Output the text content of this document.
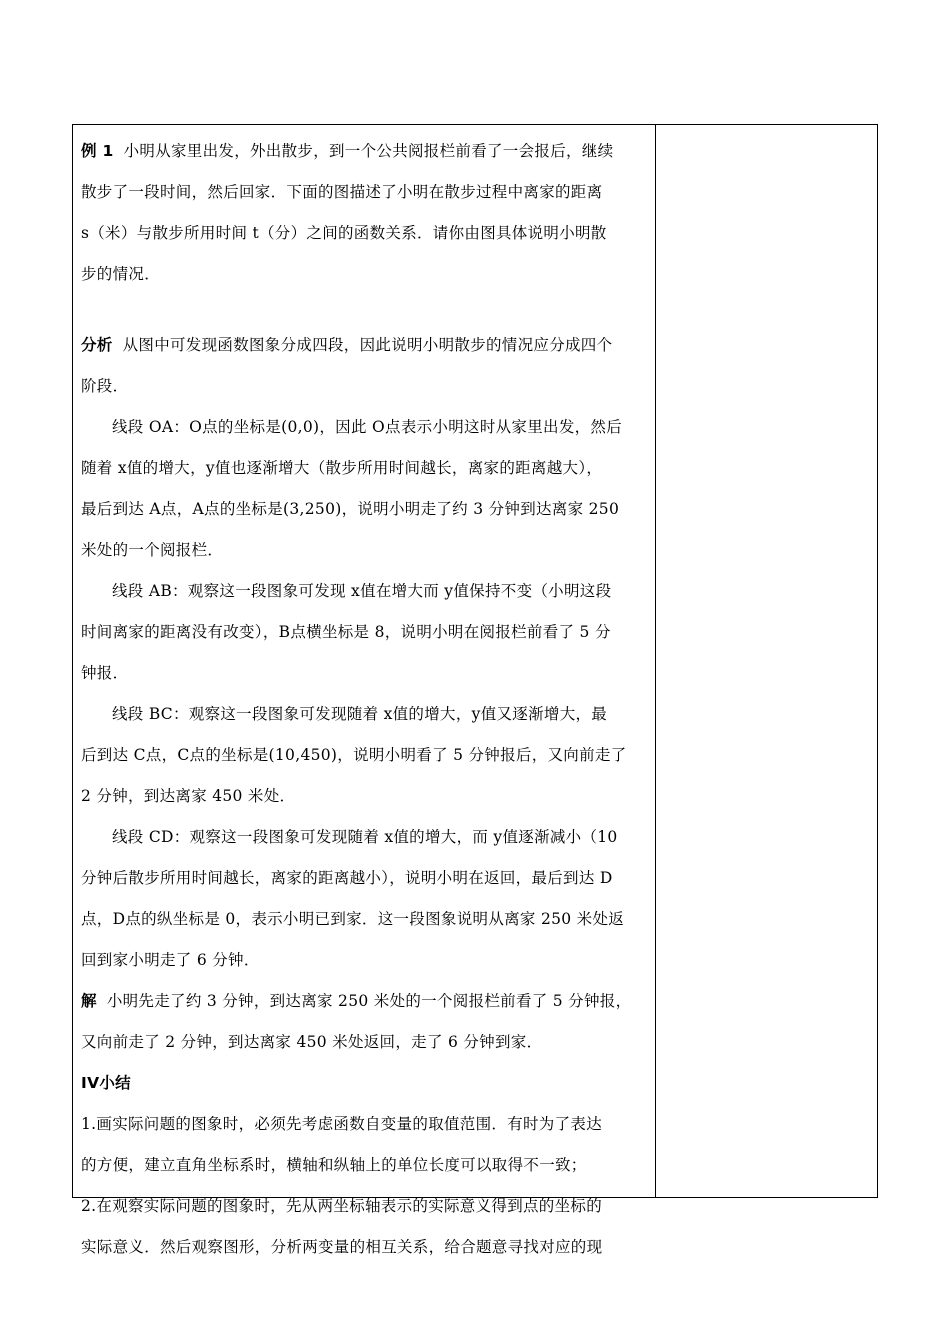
例 1 小明从家里出发，外出散步，到一个公共阅报栏前看了一会报后，继续
散步了一段时间，然后回家．下面的图描述了小明在散步过程中离家的距离
s（米）与散步所用时间 t（分）之间的函数关系．请你由图具体说明小明散
步的情况．
分析 从图中可发现函数图象分成四段，因此说明小明散步的情况应分成四个
阶段．
线段 OA：O点的坐标是(0,0)，因此 O点表示小明这时从家里出发，然后
随着 x值的增大，y值也逐渐增大（散步所用时间越长，离家的距离越大），
最后到达 A点，A点的坐标是(3,250)，说明小明走了约 3 分钟到达离家 250
米处的一个阅报栏．
线段 AB：观察这一段图象可发现 x值在增大而 y值保持不变（小明这段
时间离家的距离没有改变），B点横坐标是 8，说明小明在阅报栏前看了 5 分
钟报．
线段 BC：观察这一段图象可发现随着 x值的增大，y值又逐渐增大，最
后到达 C点，C点的坐标是(10,450)，说明小明看了 5 分钟报后，又向前走了
2 分钟，到达离家 450 米处．
线段 CD：观察这一段图象可发现随着 x值的增大，而 y值逐渐减小（10
分钟后散步所用时间越长，离家的距离越小），说明小明在返回，最后到达 D
点，D点的纵坐标是 0，表示小明已到家．这一段图象说明从离家 250 米处返
回到家小明走了 6 分钟．
解 小明先走了约 3 分钟，到达离家 250 米处的一个阅报栏前看了 5 分钟报，
又向前走了 2 分钟，到达离家 450 米处返回，走了 6 分钟到家．
IV小结
1.画实际问题的图象时，必须先考虑函数自变量的取值范围．有时为了表达
的方便，建立直角坐标系时，横轴和纵轴上的单位长度可以取得不一致；
2.在观察实际问题的图象时，先从两坐标轴表示的实际意义得到点的坐标的
实际意义．然后观察图形，分析两变量的相互关系，给合题意寻找对应的现
